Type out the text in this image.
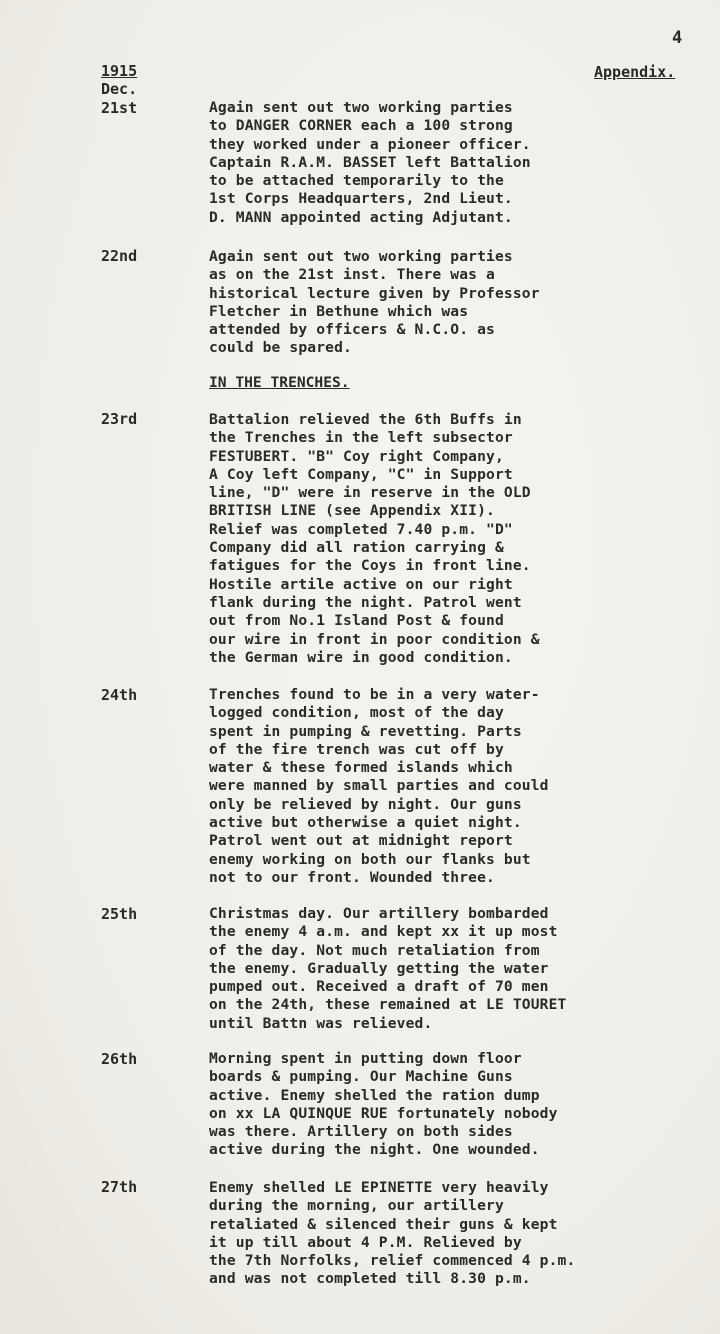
4
1915
Dec.
Appendix.
21st	Again sent out two working parties
to DANGER CORNER each a 100 strong
they worked under a pioneer officer.
Captain R.A.M. BASSET left Battalion
to be attached temporarily to the
1st Corps Headquarters, 2nd Lieut.
D. MANN appointed acting Adjutant.
22nd	Again sent out two working parties
as on the 21st inst. There was a
historical lecture given by Professor
Fletcher in Bethune which was
attended by officers & N.C.O. as
could be spared.
IN THE TRENCHES.
23rd	Battalion relieved the 6th Buffs in
the Trenches in the left subsector
FESTUBERT. "B" Coy right Company,
A Coy left Company, "C" in Support
line, "D" were in reserve in the OLD
BRITISH LINE (see Appendix XII).
Relief was completed 7.40 p.m. "D"
Company did all ration carrying &
fatigues for the Coys in front line.
Hostile artile active on our right
flank during the night. Patrol went
out from No.1 Island Post & found
our wire in front in poor condition &
the German wire in good condition.
24th	Trenches found to be in a very water-
logged condition, most of the day
spent in pumping & revetting. Parts
of the fire trench was cut off by
water & these formed islands which
were manned by small parties and could
only be relieved by night. Our guns
active but otherwise a quiet night.
Patrol went out at midnight report
enemy working on both our flanks but
not to our front. Wounded three.
25th	Christmas day. Our artillery bombarded
the enemy 4 a.m. and kept xx it up most
of the day. Not much retaliation from
the enemy. Gradually getting the water
pumped out. Received a draft of 70 men
on the 24th, these remained at LE TOURET
until Battn was relieved.
26th	Morning spent in putting down floor
boards & pumping. Our Machine Guns
active. Enemy shelled the ration dump
on xx LA QUINQUE RUE fortunately nobody
was there. Artillery on both sides
active during the night. One wounded.
27th	Enemy shelled LE EPINETTE very heavily
during the morning, our artillery
retaliated & silenced their guns & kept
it up till about 4 P.M. Relieved by
the 7th Norfolks, relief commenced 4 p.m.
and was not completed till 8.30 p.m.
